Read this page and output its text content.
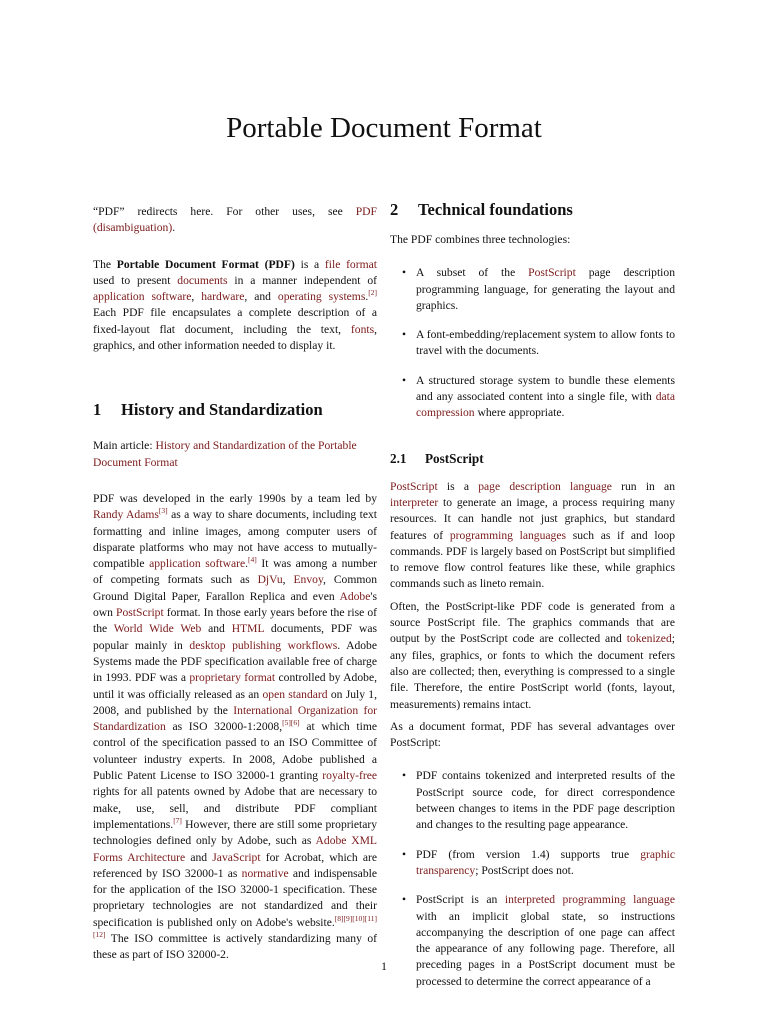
Portable Document Format

“PDF” redirects here. For other uses, see PDF (disambiguation).

The Portable Document Format (PDF) is a file format used to present documents in a manner independent of application software, hardware, and operating systems.[2] Each PDF file encapsulates a complete description of a fixed-layout flat document, including the text, fonts, graphics, and other information needed to display it.

1 History and Standardization

Main article: History and Standardization of the Portable Document Format

PDF was developed in the early 1990s by a team led by Randy Adams[3] as a way to share documents, including text formatting and inline images, among computer users of disparate platforms who may not have access to mutually-compatible application software.[4] It was among a number of competing formats such as DjVu, Envoy, Common Ground Digital Paper, Farallon Replica and even Adobe's own PostScript format. In those early years before the rise of the World Wide Web and HTML documents, PDF was popular mainly in desktop publishing workflows. Adobe Systems made the PDF specification available free of charge in 1993. PDF was a proprietary format controlled by Adobe, until it was officially released as an open standard on July 1, 2008, and published by the International Organization for Standardization as ISO 32000-1:2008,[5][6] at which time control of the specification passed to an ISO Committee of volunteer industry experts. In 2008, Adobe published a Public Patent License to ISO 32000-1 granting royalty-free rights for all patents owned by Adobe that are necessary to make, use, sell, and distribute PDF compliant implementations.[7] However, there are still some proprietary technologies defined only by Adobe, such as Adobe XML Forms Architecture and JavaScript for Acrobat, which are referenced by ISO 32000-1 as normative and indispensable for the application of the ISO 32000-1 specification. These proprietary technologies are not standardized and their specification is published only on Adobe's website.[8][9][10][11][12] The ISO committee is actively standardizing many of these as part of ISO 32000-2.

2 Technical foundations

The PDF combines three technologies:

• A subset of the PostScript page description programming language, for generating the layout and graphics.
• A font-embedding/replacement system to allow fonts to travel with the documents.
• A structured storage system to bundle these elements and any associated content into a single file, with data compression where appropriate.
2.1 PostScript

PostScript is a page description language run in an interpreter to generate an image, a process requiring many resources. It can handle not just graphics, but standard features of programming languages such as if and loop commands. PDF is largely based on PostScript but simplified to remove flow control features like these, while graphics commands such as lineto remain.

Often, the PostScript-like PDF code is generated from a source PostScript file. The graphics commands that are output by the PostScript code are collected and tokenized; any files, graphics, or fonts to which the document refers also are collected; then, everything is compressed to a single file. Therefore, the entire PostScript world (fonts, layout, measurements) remains intact.

As a document format, PDF has several advantages over PostScript:

• PDF contains tokenized and interpreted results of the PostScript source code, for direct correspondence between changes to items in the PDF page description and changes to the resulting page appearance.
• PDF (from version 1.4) supports true graphic transparency; PostScript does not.
• PostScript is an interpreted programming language with an implicit global state, so instructions accompanying the description of one page can affect the appearance of any following page. Therefore, all preceding pages in a PostScript document must be processed to determine the correct appearance of a
1
